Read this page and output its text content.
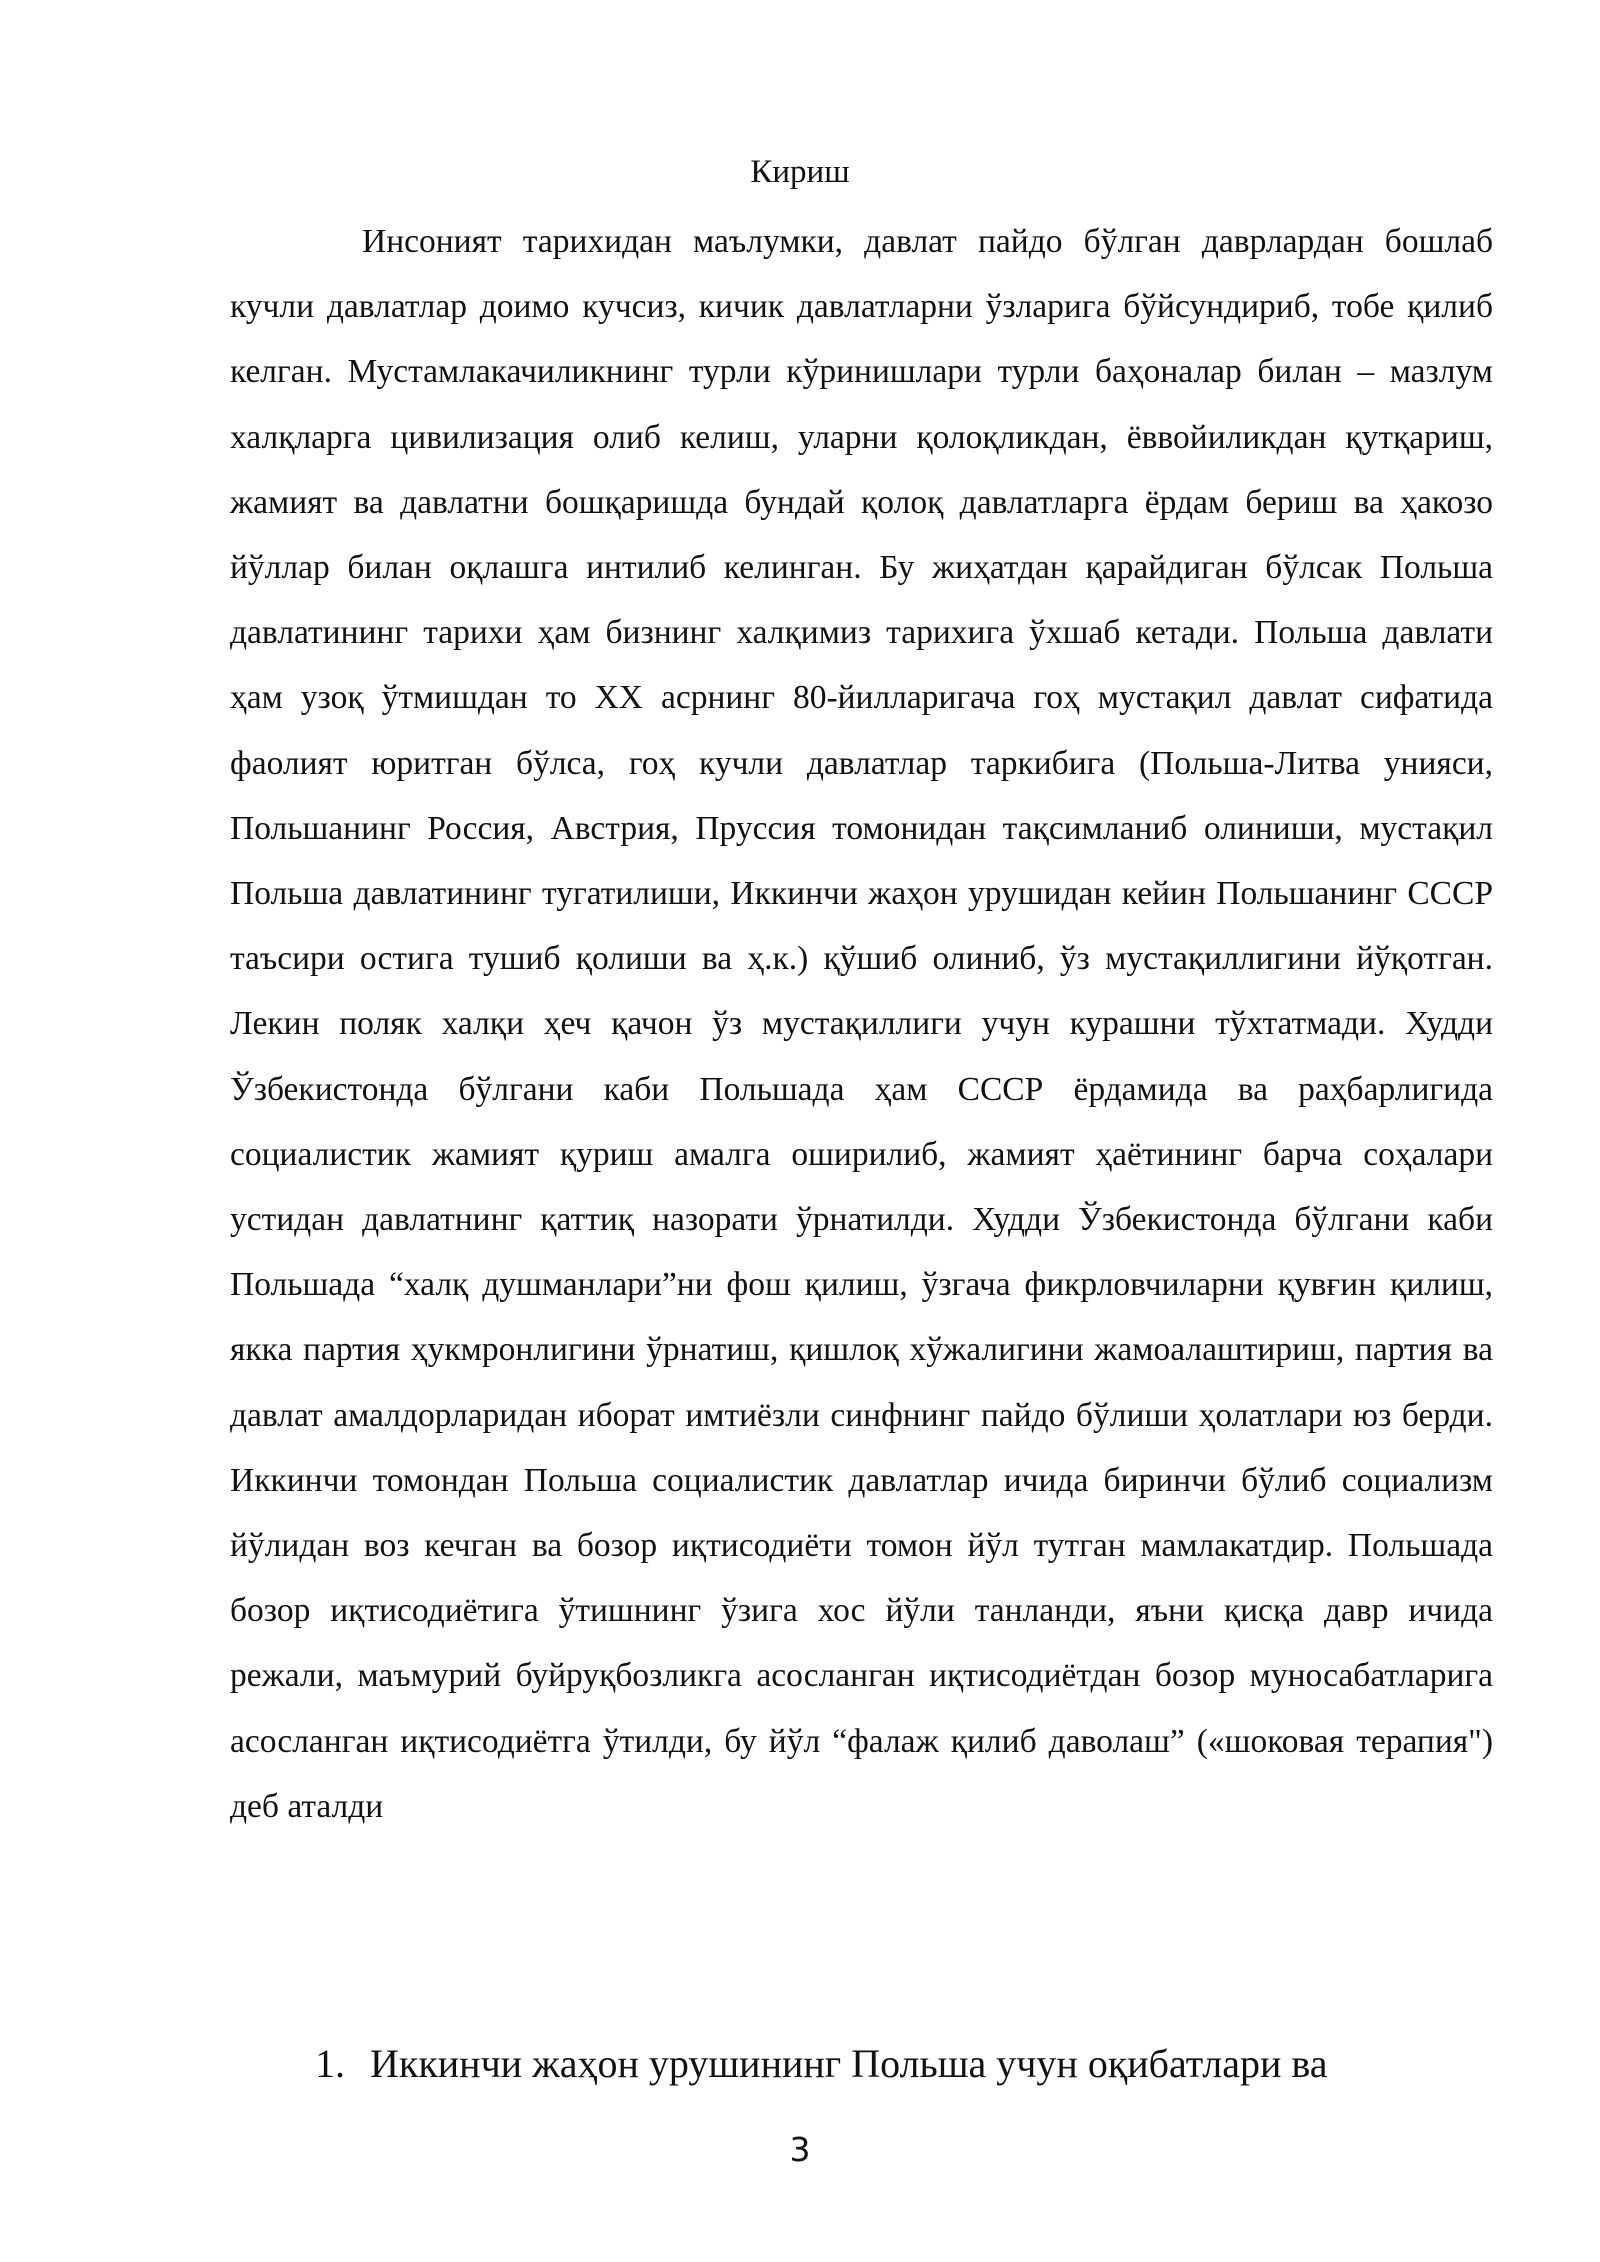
Кириш

Инсоният тарихидан маълумки, давлат пайдо бўлган даврлардан бошлаб кучли давлатлар доимо кучсиз, кичик давлатларни ўзларига бўйсундириб, тобе қилиб келган. Мустамлакачиликнинг турли кўринишлари турли баҳоналар билан – мазлум халқларга цивилизация олиб келиш, уларни қолоқликдан, ёввойиликдан қутқариш, жамият ва давлатни бошқаришда бундай қолоқ давлатларга ёрдам бериш ва ҳакозо йўллар билан оқлашга интилиб келинган. Бу жиҳатдан қарайдиган бўлсак Польша давлатининг тарихи ҳам бизнинг халқимиз тарихига ўхшаб кетади. Польша давлати ҳам узоқ ўтмишдан то XX асрнинг 80-йилларигача гоҳ мустақил давлат сифатида фаолият юритган бўлса, гоҳ кучли давлатлар таркибига (Польша-Литва унияси, Польшанинг Россия, Австрия, Пруссия томонидан тақсимланиб олиниши, мустақил Польша давлатининг тугатилиши, Иккинчи жаҳон урушидан кейин Польшанинг СССР таъсири остига тушиб қолиши ва ҳ.к.) қўшиб олиниб, ўз мустақиллигини йўқотган. Лекин поляк халқи ҳеч қачон ўз мустақиллиги учун курашни тўхтатмади. Худди Ўзбекистонда бўлгани каби Польшада ҳам СССР ёрдамида ва раҳбарлигида социалистик жамият қуриш амалга оширилиб, жамият ҳаётининг барча соҳалари устидан давлатнинг қаттиқ назорати ўрнатилди. Худди Ўзбекистонда бўлгани каби Польшада “халқ душманлари”ни фош қилиш, ўзгача фикрловчиларни қувғин қилиш, якка партия ҳукмронлигини ўрнатиш, қишлоқ хўжалигини жамоалаштириш, партия ва давлат амалдорларидан иборат имтиёзли синфнинг пайдо бўлиши ҳолатлари юз берди. Иккинчи томондан Польша социалистик давлатлар ичида биринчи бўлиб социализм йўлидан воз кечган ва бозор иқтисодиёти томон йўл тутган мамлакатдир. Польшада бозор иқтисодиётига ўтишнинг ўзига хос йўли танланди, яъни қисқа давр ичида режали, маъмурий буйруқбозликга асосланган иқтисодиётдан бозор муносабатларига асосланган иқтисодиётга ўтилди, бу йўл “фалаж қилиб даволаш” («шоковая терапия") деб аталди

1. Иккинчи жаҳон урушининг Польша учун оқибатлари ва
3
